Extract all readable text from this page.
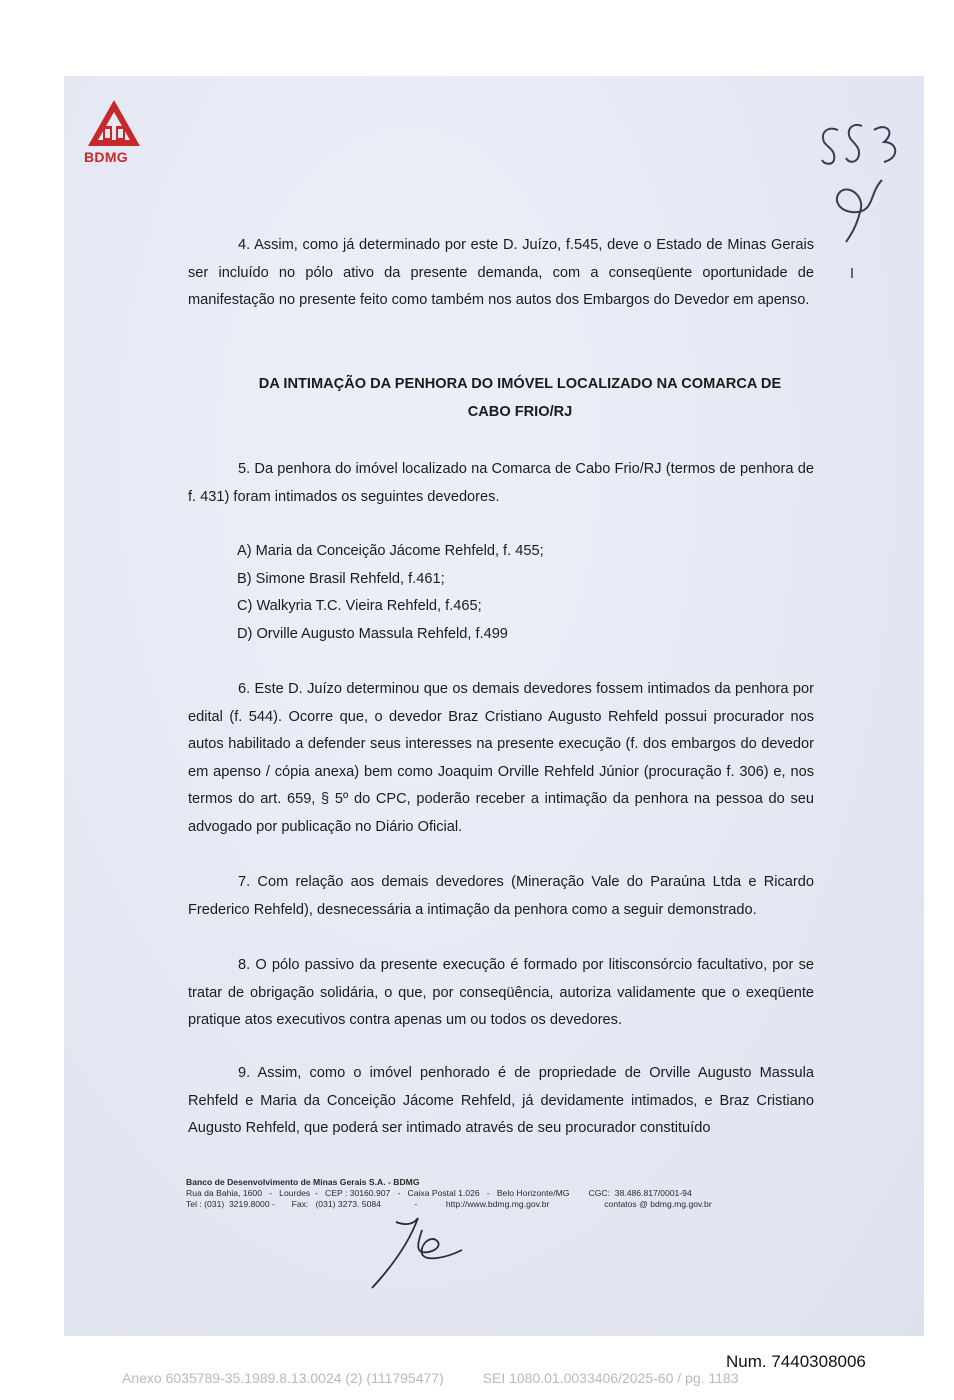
BDMG

4. Assim, como já determinado por este D. Juízo, f.545, deve o Estado de Minas Gerais ser incluído no pólo ativo da presente demanda, com a conseqüente oportunidade de manifestação no presente feito como também nos autos dos Embargos do Devedor em apenso.

DA INTIMAÇÃO DA PENHORA DO IMÓVEL LOCALIZADO NA COMARCA DE
CABO FRIO/RJ

5. Da penhora do imóvel localizado na Comarca de Cabo Frio/RJ (termos de penhora de f. 431) foram intimados os seguintes devedores.

A) Maria da Conceição Jácome Rehfeld, f. 455;
B) Simone Brasil Rehfeld, f.461;
C) Walkyria T.C. Vieira Rehfeld, f.465;
D) Orville Augusto Massula Rehfeld, f.499

6. Este D. Juízo determinou que os demais devedores fossem intimados da penhora por edital (f. 544). Ocorre que, o devedor Braz Cristiano Augusto Rehfeld possui procurador nos autos habilitado a defender seus interesses na presente execução (f. dos embargos do devedor em apenso / cópia anexa) bem como Joaquim Orville Rehfeld Júnior (procuração f. 306) e, nos termos do art. 659, § 5º do CPC, poderão receber a intimação da penhora na pessoa do seu advogado por publicação no Diário Oficial.

7. Com relação aos demais devedores (Mineração Vale do Paraúna Ltda e Ricardo Frederico Rehfeld), desnecessária a intimação da penhora como a seguir demonstrado.

8. O pólo passivo da presente execução é formado por litisconsórcio facultativo, por se tratar de obrigação solidária, o que, por conseqüência, autoriza validamente que o exeqüente pratique atos executivos contra apenas um ou todos os devedores.

9. Assim, como o imóvel penhorado é de propriedade de Orville Augusto Massula Rehfeld e Maria da Conceição Jácome Rehfeld, já devidamente intimados, e Braz Cristiano Augusto Rehfeld, que poderá ser intimado através de seu procurador constituído

Banco de Desenvolvimento de Minas Gerais S.A. - BDMG
Rua da Bahia, 1600   -   Lourdes  -   CEP : 30160.907   -   Caixa Postal 1.026   -   Belo Horizonte/MG        CGC:  38.486.817/0001-94
Tel : (031)  3219.8000 -       Fax:   (031) 3273. 5084              -            http://www.bdmg.mg.gov.br                       contatos @ bdmg.mg.gov.br
Num. 7440308006
Anexo 6035789-35.1989.8.13.0024 (2) (111795477)          SEI 1080.01.0033406/2025-60 / pg. 1183
